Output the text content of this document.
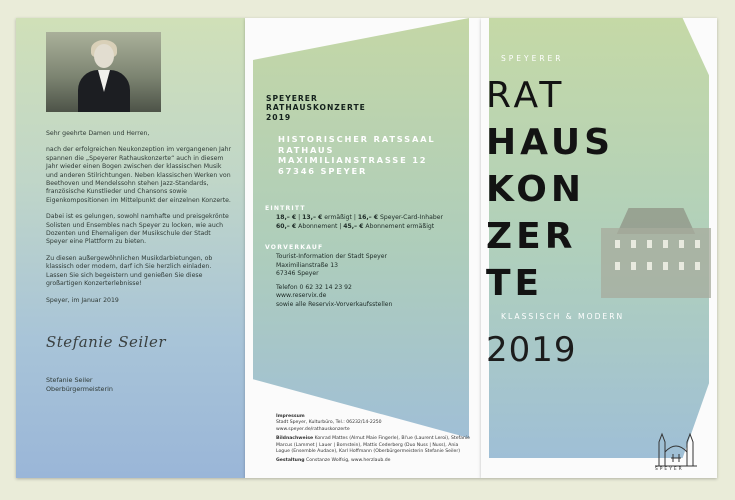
Sehr geehrte Damen und Herren,

nach der erfolgreichen Neukonzeption im vergangenen Jahr spannen die „Speyerer Rathauskonzerte“ auch in diesem Jahr wieder einen Bogen zwischen der klassischen Musik und anderen Stilrichtungen. Neben klassischen Werken von Beethoven und Mendelssohn stehen Jazz-Standards, französische Kunstlieder und Chansons sowie Eigenkompositionen im Mittelpunkt der einzelnen Konzerte.

Dabei ist es gelungen, sowohl namhafte und preisgekrönte Solisten und Ensembles nach Speyer zu locken, wie auch Dozenten und Ehemaligen der Musikschule der Stadt Speyer eine Plattform zu bieten.

Zu diesen außergewöhnlichen Musikdarbietungen, ob klassisch oder modern, darf ich Sie herzlich einladen. Lassen Sie sich begeistern und genießen Sie diese großartigen Konzerterlebnisse!

Speyer, im Januar 2019

Stefanie Seiler
Stefanie Seiler
Oberbürgermeisterin
SPEYERER
RATHAUSKONZERTE
2019
HISTORISCHER RATSSAAL
RATHAUS
MAXIMILIANSTRASSE 12
67346 SPEYER
EINTRITT
18,– € | 13,– € ermäßigt | 16,– € Speyer-Card-Inhaber
60,– € Abonnement | 45,– € Abonnement ermäßigt
VORVERKAUF
Tourist-Information der Stadt Speyer
Maximilianstraße 13
67346 Speyer
Telefon 0 62 32 14 23 92
www.reservix.de
sowie alle Reservix-Vorverkaufsstellen
Impressum
Stadt Speyer, Kulturbüro, Tel.: 06232/14-2250
www.speyer.de/rathauskonzerte
Bildnachweise Konrad Mattes (Almut Maie Fingerle), Bl'ue (Laurent Leroi), Stefanie Marcus (Lammet | Lauer | Bornstein), Mattis Cederberg (Duo Nuss | Nuss), Ania Logue (Ensemble Audace), Karl Hoffmann (Oberbürgermeisterin Stefanie Seiler)
Gestaltung Constanze Wolfsig, www.herzlaub.de
SPEYERER
RAT
HAUS
KON
ZER
TE
KLASSISCH & MODERN
2019
SPEYER
